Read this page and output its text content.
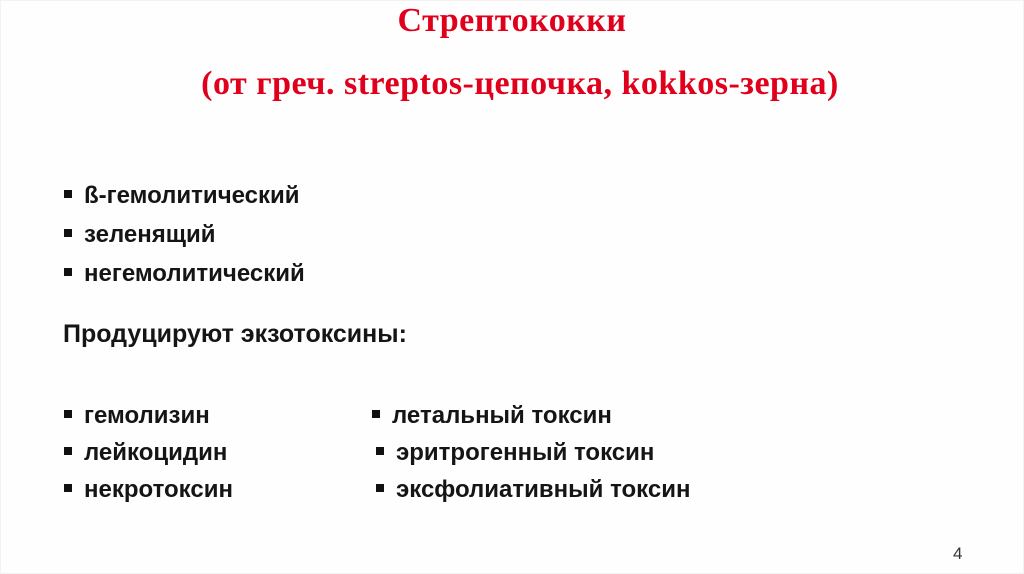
Стрептококки
(от греч. streptos-цепочка, kokkos-зерна)
ß-гемолитический
зеленящий
негемолитический
Продуцируют экзотоксины:
гемолизин
лейкоцидин
некротоксин
летальный токсин
эритрогенный токсин
эксфолиативный токсин
4
